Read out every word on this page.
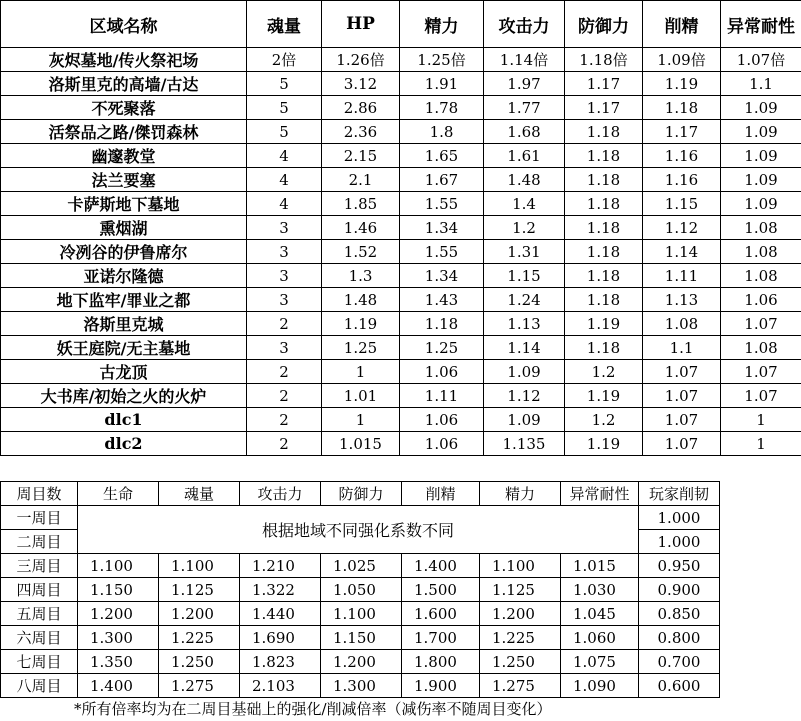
区域名称	魂量	HP	精力	攻击力	防御力	削精	异常耐性
灰烬墓地/传火祭祀场	2倍	1.26倍	1.25倍	1.14倍	1.18倍	1.09倍	1.07倍
洛斯里克的高墙/古达	5	3.12	1.91	1.97	1.17	1.19	1.1
不死聚落	5	2.86	1.78	1.77	1.17	1.18	1.09
活祭品之路/傑罚森林	5	2.36	1.8	1.68	1.18	1.17	1.09
幽邃教堂	4	2.15	1.65	1.61	1.18	1.16	1.09
法兰要塞	4	2.1	1.67	1.48	1.18	1.16	1.09
卡萨斯地下墓地	4	1.85	1.55	1.4	1.18	1.15	1.09
熏烟湖	3	1.46	1.34	1.2	1.18	1.12	1.08
冷冽谷的伊鲁席尔	3	1.52	1.55	1.31	1.18	1.14	1.08
亚诺尔隆德	3	1.3	1.34	1.15	1.18	1.11	1.08
地下监牢/罪业之都	3	1.48	1.43	1.24	1.18	1.13	1.06
洛斯里克城	2	1.19	1.18	1.13	1.19	1.08	1.07
妖王庭院/无主墓地	3	1.25	1.25	1.14	1.18	1.1	1.08
古龙顶	2	1	1.06	1.09	1.2	1.07	1.07
大书库/初始之火的火炉	2	1.01	1.11	1.12	1.19	1.07	1.07
dlc1	2	1	1.06	1.09	1.2	1.07	1
dlc2	2	1.015	1.06	1.135	1.19	1.07	1
周目数	生命	魂量	攻击力	防御力	削精	精力	异常耐性	玩家削韧
一周目	根据地域不同强化系数不同							1.000
二周目								1.000
三周目	1.100	1.100	1.210	1.025	1.400	1.100	1.015	0.950
四周目	1.150	1.125	1.322	1.050	1.500	1.125	1.030	0.900
五周目	1.200	1.200	1.440	1.100	1.600	1.200	1.045	0.850
六周目	1.300	1.225	1.690	1.150	1.700	1.225	1.060	0.800
七周目	1.350	1.250	1.823	1.200	1.800	1.250	1.075	0.700
八周目	1.400	1.275	2.103	1.300	1.900	1.275	1.090	0.600
*所有倍率均为在二周目基础上的强化/削减倍率（减伤率不随周目变化）
